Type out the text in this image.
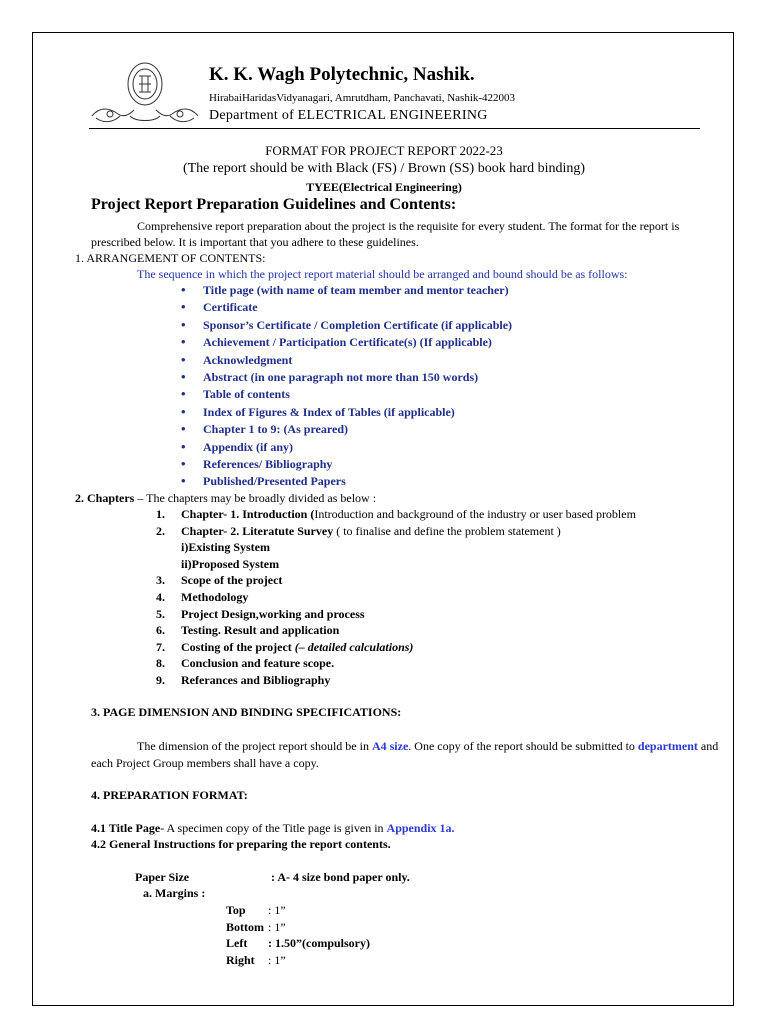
K. K. Wagh Polytechnic, Nashik.
HirabaiHaridasVidyanagari, Amrutdham, Panchavati, Nashik-422003
Department of ELECTRICAL ENGINEERING
FORMAT FOR PROJECT REPORT 2022-23
(The report should be with Black (FS) / Brown (SS) book hard binding)
TYEE(Electrical Engineering)
Project Report Preparation Guidelines and Contents:
Comprehensive report preparation about the project is the requisite for every student. The format for the report is prescribed below. It is important that you adhere to these guidelines.
1. ARRANGEMENT OF CONTENTS:
The sequence in which the project report material should be arranged and bound should be as follows:
• Title page (with name of team member and mentor teacher)
• Certificate
• Sponsor’s Certificate / Completion Certificate (if applicable)
• Achievement / Participation Certificate(s) (If applicable)
• Acknowledgment
• Abstract (in one paragraph not more than 150 words)
• Table of contents
• Index of Figures & Index of Tables (if applicable)
• Chapter 1 to 9: (As preared)
• Appendix (if any)
• References/ Bibliography
• Published/Presented Papers
2. Chapters – The chapters may be broadly divided as below :
1. Chapter- 1. Introduction (Introduction and background of the industry or user based problem
2. Chapter- 2. Literatute Survey ( to finalise and define the problem statement )
i)Existing System
ii)Proposed System
3. Scope of the project
4. Methodology
5. Project Design,working and process
6. Testing. Result and application
7. Costing of the project (– detailed calculations)
8. Conclusion and feature scope.
9. Referances and Bibliography
3. PAGE DIMENSION AND BINDING SPECIFICATIONS:
The dimension of the project report should be in A4 size. One copy of the report should be submitted to department and each Project Group members shall have a copy.
4. PREPARATION FORMAT:
4.1 Title Page- A specimen copy of the Title page is given in Appendix 1a.
4.2 General Instructions for preparing the report contents.
Paper Size	: A- 4 size bond paper only.
a. Margins :
Top : 1”
Bottom : 1”
Left : 1.50”(compulsory)
Right : 1”
